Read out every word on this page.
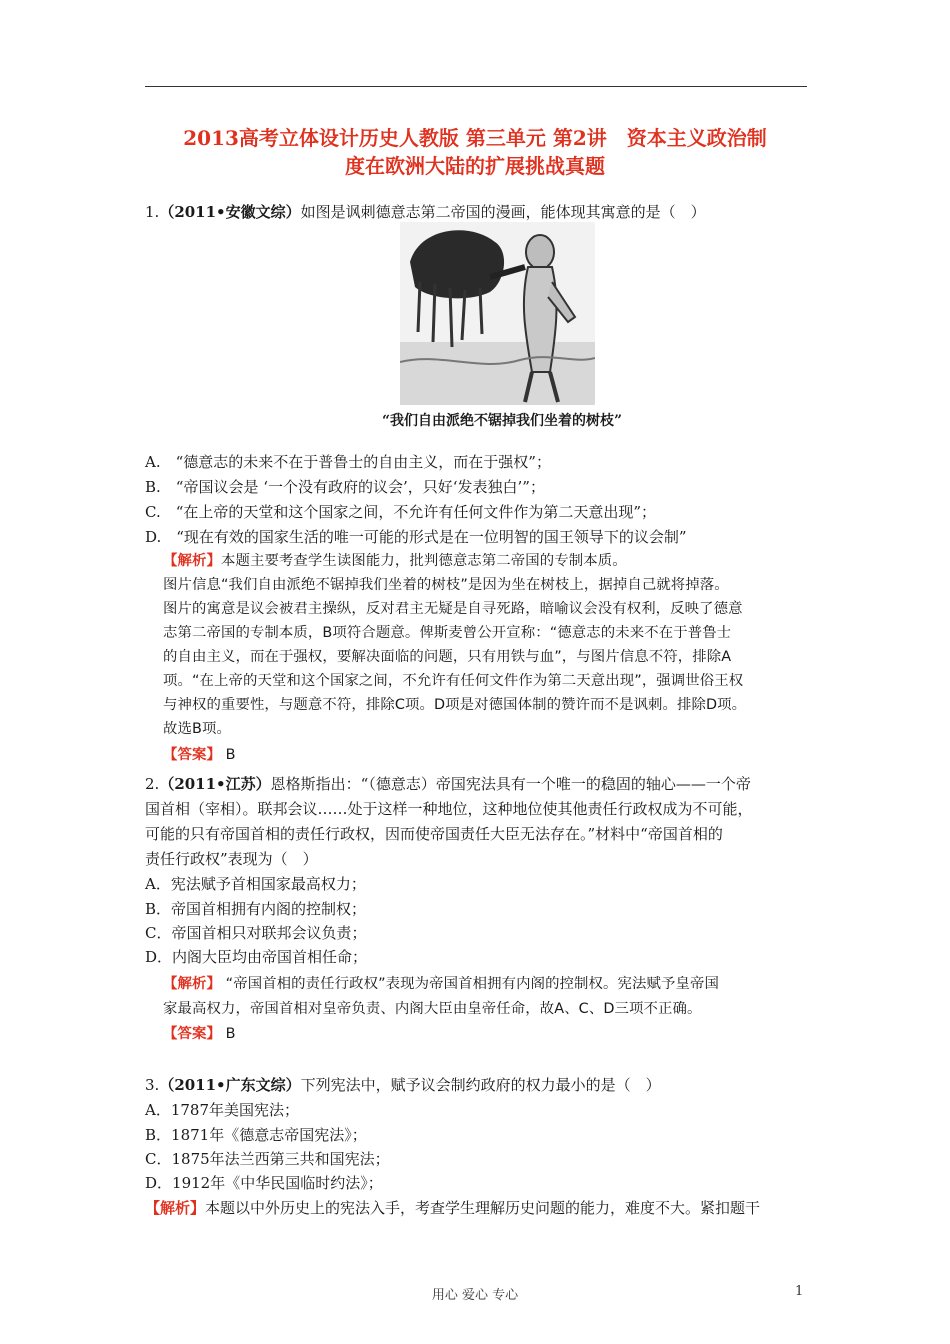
2013高考立体设计历史人教版 第三单元 第2讲　资本主义政治制
度在欧洲大陆的扩展挑战真题
1.（2011•安徽文综）如图是讽刺德意志第二帝国的漫画，能体现其寓意的是（　）
“我们自由派绝不锯掉我们坐着的树枝”
A.　“德意志的未来不在于普鲁士的自由主义，而在于强权”；
B.　“帝国议会是 ‘一个没有政府的议会’，只好‘发表独白’”；
C.　“在上帝的天堂和这个国家之间，不允许有任何文件作为第二天意出现”；
D.　“现在有效的国家生活的唯一可能的形式是在一位明智的国王领导下的议会制”
【解析】本题主要考查学生读图能力，批判德意志第二帝国的专制本质。
图片信息“我们自由派绝不锯掉我们坐着的树枝”是因为坐在树枝上，据掉自己就将掉落。
图片的寓意是议会被君主操纵，反对君主无疑是自寻死路，暗喻议会没有权利，反映了德意
志第二帝国的专制本质，B项符合题意。俾斯麦曾公开宣称：“德意志的未来不在于普鲁士
的自由主义，而在于强权，要解决面临的问题，只有用铁与血”，与图片信息不符，排除A
项。“在上帝的天堂和这个国家之间，不允许有任何文件作为第二天意出现”，强调世俗王权
与神权的重要性，与题意不符，排除C项。D项是对德国体制的赞许而不是讽刺。排除D项。
故选B项。
【答案】 B
2.（2011•江苏）恩格斯指出：“（德意志）帝国宪法具有一个唯一的稳固的轴心——一个帝
国首相（宰相）。联邦会议……处于这样一种地位，这种地位使其他责任行政权成为不可能，
可能的只有帝国首相的责任行政权，因而使帝国责任大臣无法存在。”材料中“帝国首相的
责任行政权”表现为（　）
A．宪法赋予首相国家最高权力；
B．帝国首相拥有内阁的控制权；
C．帝国首相只对联邦会议负责；
D．内阁大臣均由帝国首相任命；
【解析】 “帝国首相的责任行政权”表现为帝国首相拥有内阁的控制权。宪法赋予皇帝国
家最高权力，帝国首相对皇帝负责、内阁大臣由皇帝任命，故A、C、D三项不正确。
【答案】 B
3.（2011•广东文综）下列宪法中，赋予议会制约政府的权力最小的是（　）
A．1787年美国宪法；
B．1871年《德意志帝国宪法》；
C．1875年法兰西第三共和国宪法；
D．1912年《中华民国临时约法》；
【解析】本题以中外历史上的宪法入手，考查学生理解历史问题的能力，难度不大。紧扣题干
用心 爱心 专心	1
